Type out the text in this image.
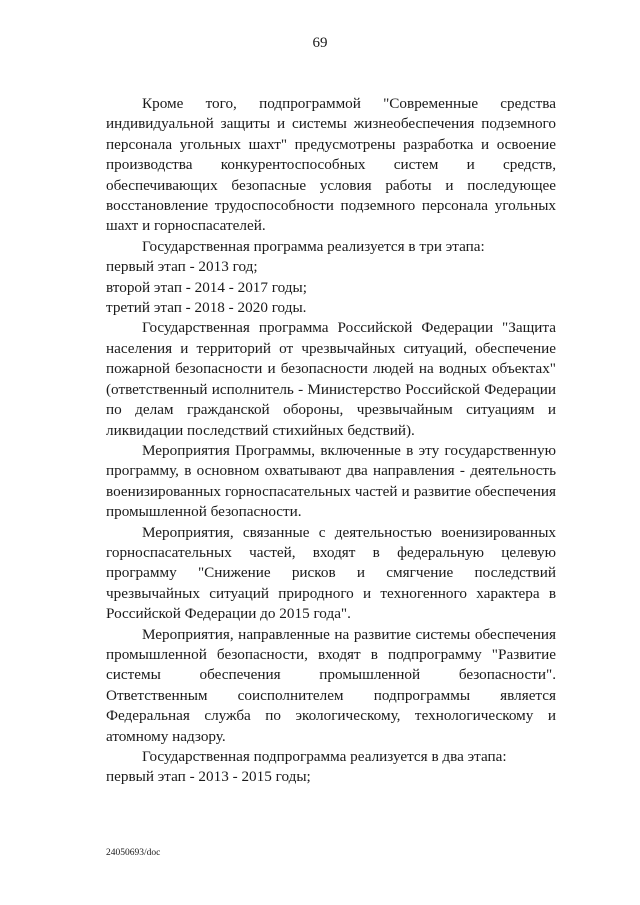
69

Кроме того, подпрограммой "Современные средства индивидуальной защиты и системы жизнеобеспечения подземного персонала угольных шахт" предусмотрены разработка и освоение производства конкурентоспособных систем и средств, обеспечивающих безопасные условия работы и последующее восстановление трудоспособности подземного персонала угольных шахт и горноспасателей.

Государственная программа реализуется в три этапа:

первый этап - 2013 год;

второй этап - 2014 - 2017 годы;

третий этап - 2018 - 2020 годы.

Государственная программа Российской Федерации "Защита населения и территорий от чрезвычайных ситуаций, обеспечение пожарной безопасности и безопасности людей на водных объектах" (ответственный исполнитель - Министерство Российской Федерации по делам гражданской обороны, чрезвычайным ситуациям и ликвидации последствий стихийных бедствий).

Мероприятия Программы, включенные в эту государственную программу, в основном охватывают два направления - деятельность военизированных горноспасательных частей и развитие обеспечения промышленной безопасности.

Мероприятия, связанные с деятельностью военизированных горноспасательных частей, входят в федеральную целевую программу "Снижение рисков и смягчение последствий чрезвычайных ситуаций природного и техногенного характера в Российской Федерации до 2015 года".

Мероприятия, направленные на развитие системы обеспечения промышленной безопасности, входят в подпрограмму "Развитие системы обеспечения промышленной безопасности". Ответственным соисполнителем подпрограммы является Федеральная служба по экологическому, технологическому и атомному надзору.

Государственная подпрограмма реализуется в два этапа:

первый этап - 2013 - 2015 годы;

24050693/doc
